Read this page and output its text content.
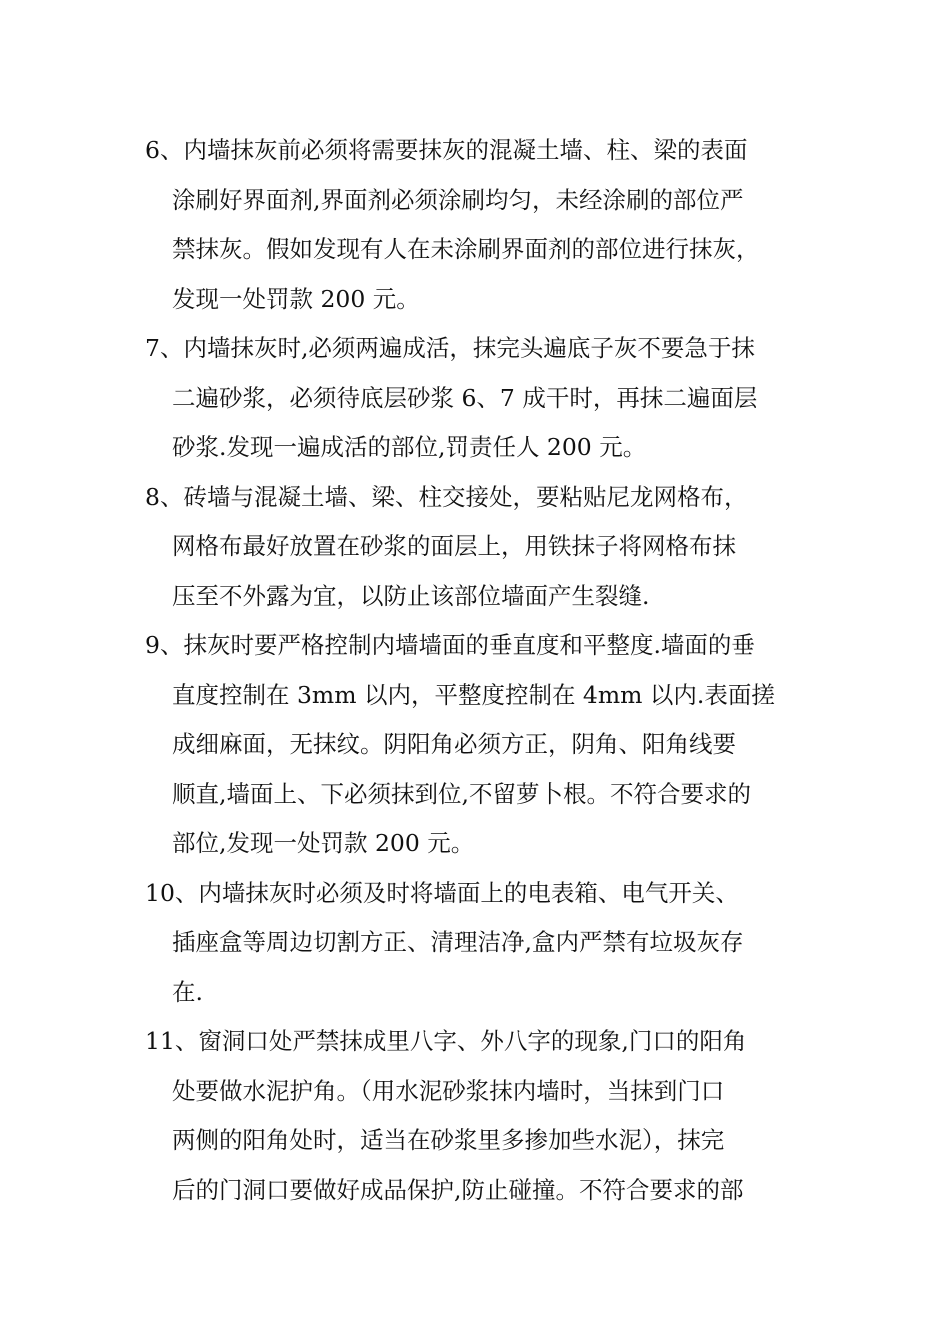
6、内墙抹灰前必须将需要抹灰的混凝土墙、柱、梁的表面
涂刷好界面剂,界面剂必须涂刷均匀，未经涂刷的部位严
禁抹灰。假如发现有人在未涂刷界面剂的部位进行抹灰，
发现一处罚款 200 元。
7、内墙抹灰时,必须两遍成活，抹完头遍底子灰不要急于抹
二遍砂浆，必须待底层砂浆 6、7 成干时，再抹二遍面层
砂浆.发现一遍成活的部位,罚责任人 200 元。
8、砖墙与混凝土墙、梁、柱交接处，要粘贴尼龙网格布，
网格布最好放置在砂浆的面层上，用铁抹子将网格布抹
压至不外露为宜，以防止该部位墙面产生裂缝.
9、抹灰时要严格控制内墙墙面的垂直度和平整度.墙面的垂
直度控制在 3mm 以内，平整度控制在 4mm 以内.表面搓
成细麻面，无抹纹。阴阳角必须方正，阴角、阳角线要
顺直,墙面上、下必须抹到位,不留萝卜根。不符合要求的
部位,发现一处罚款 200 元。
10、内墙抹灰时必须及时将墙面上的电表箱、电气开关、
插座盒等周边切割方正、清理洁净,盒内严禁有垃圾灰存
在.
11、窗洞口处严禁抹成里八字、外八字的现象,门口的阳角
处要做水泥护角。（用水泥砂浆抹内墙时，当抹到门口
两侧的阳角处时，适当在砂浆里多掺加些水泥），抹完
后的门洞口要做好成品保护,防止碰撞。不符合要求的部
